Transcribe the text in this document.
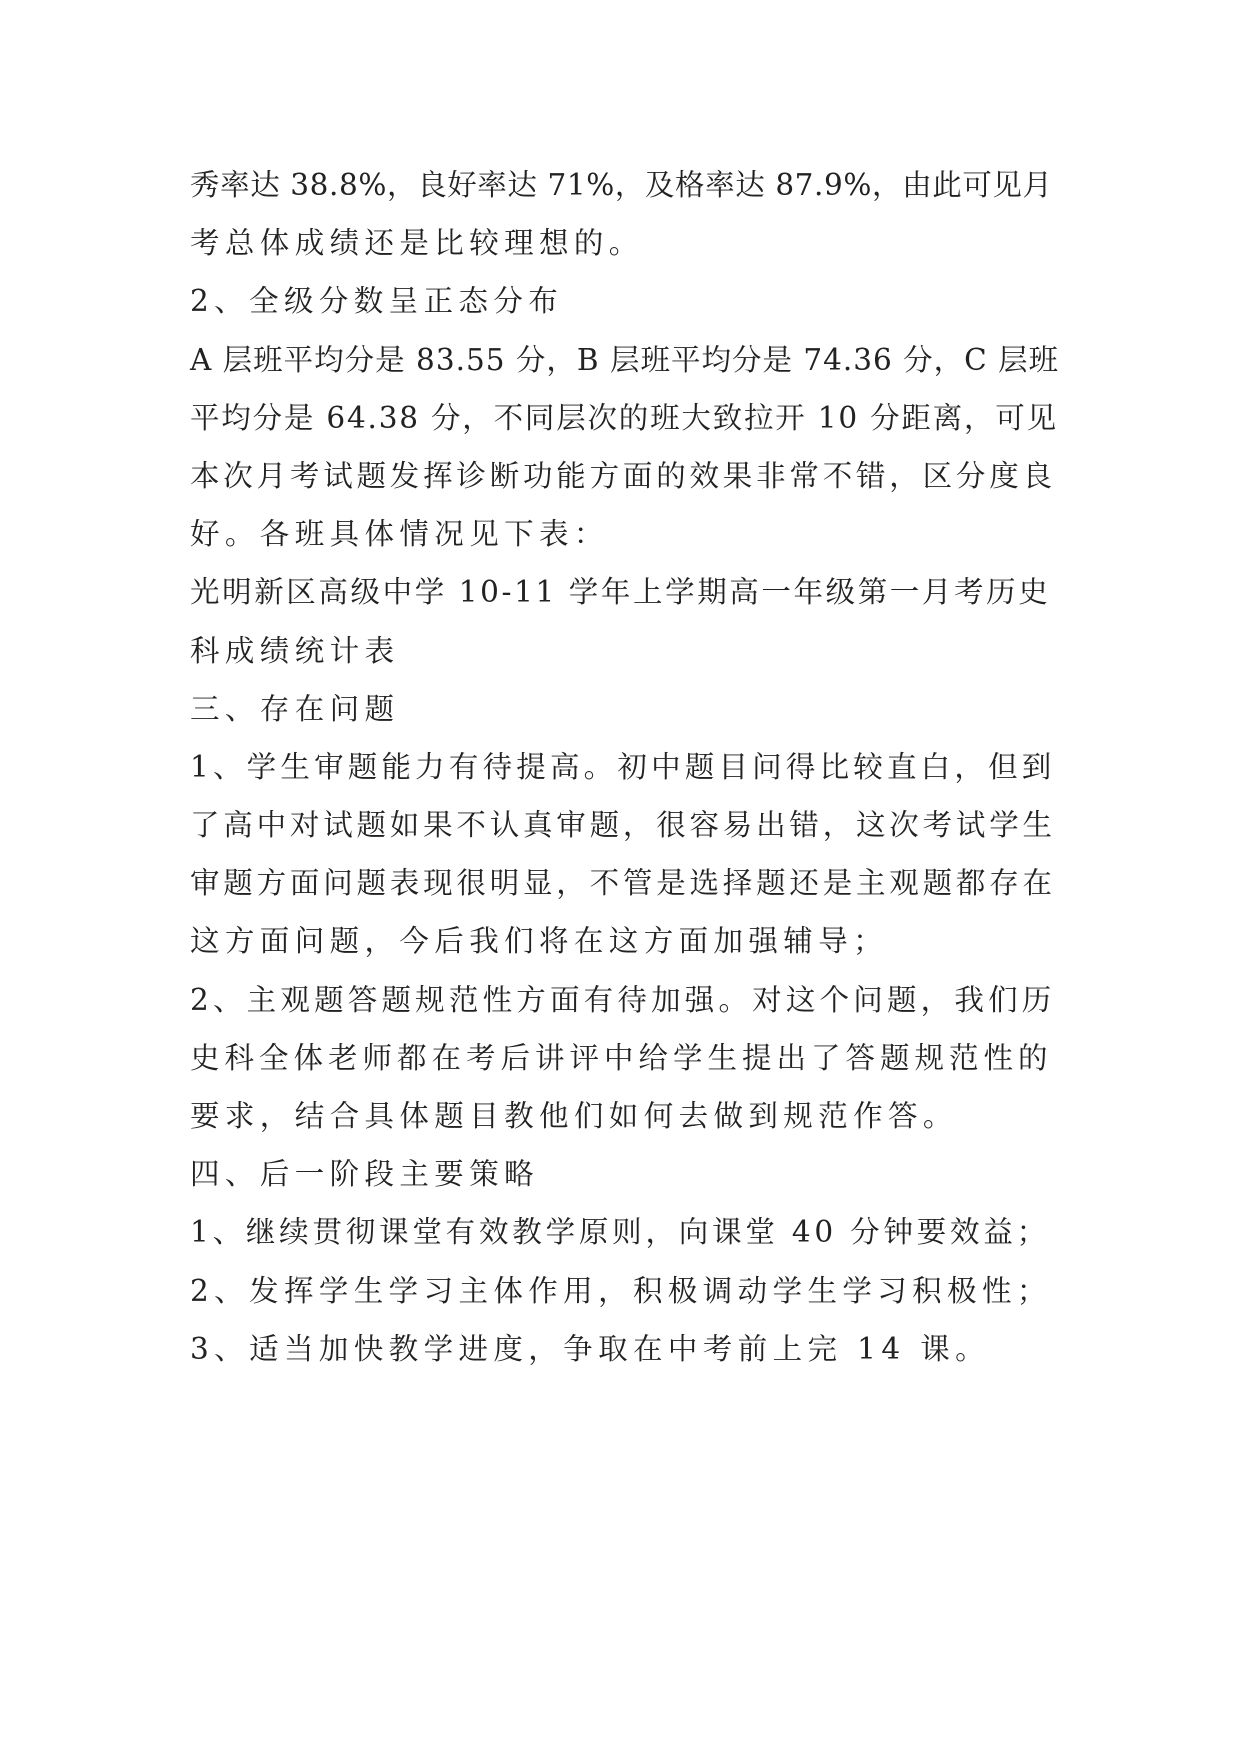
秀率达 38.8%，良好率达 71%，及格率达 87.9%，由此可见月
考总体成绩还是比较理想的。
2、全级分数呈正态分布
A 层班平均分是 83.55 分，B 层班平均分是 74.36 分，C 层班
平均分是 64.38 分，不同层次的班大致拉开 10 分距离，可见
本次月考试题发挥诊断功能方面的效果非常不错，区分度良
好。各班具体情况见下表：
光明新区高级中学 10-11 学年上学期高一年级第一月考历史
科成绩统计表
三、存在问题
1、学生审题能力有待提高。初中题目问得比较直白，但到
了高中对试题如果不认真审题，很容易出错，这次考试学生
审题方面问题表现很明显，不管是选择题还是主观题都存在
这方面问题，今后我们将在这方面加强辅导；
2、主观题答题规范性方面有待加强。对这个问题，我们历
史科全体老师都在考后讲评中给学生提出了答题规范性的
要求，结合具体题目教他们如何去做到规范作答。
四、后一阶段主要策略
1、继续贯彻课堂有效教学原则，向课堂 40 分钟要效益；
2、发挥学生学习主体作用，积极调动学生学习积极性；
3、适当加快教学进度，争取在中考前上完 14 课。
